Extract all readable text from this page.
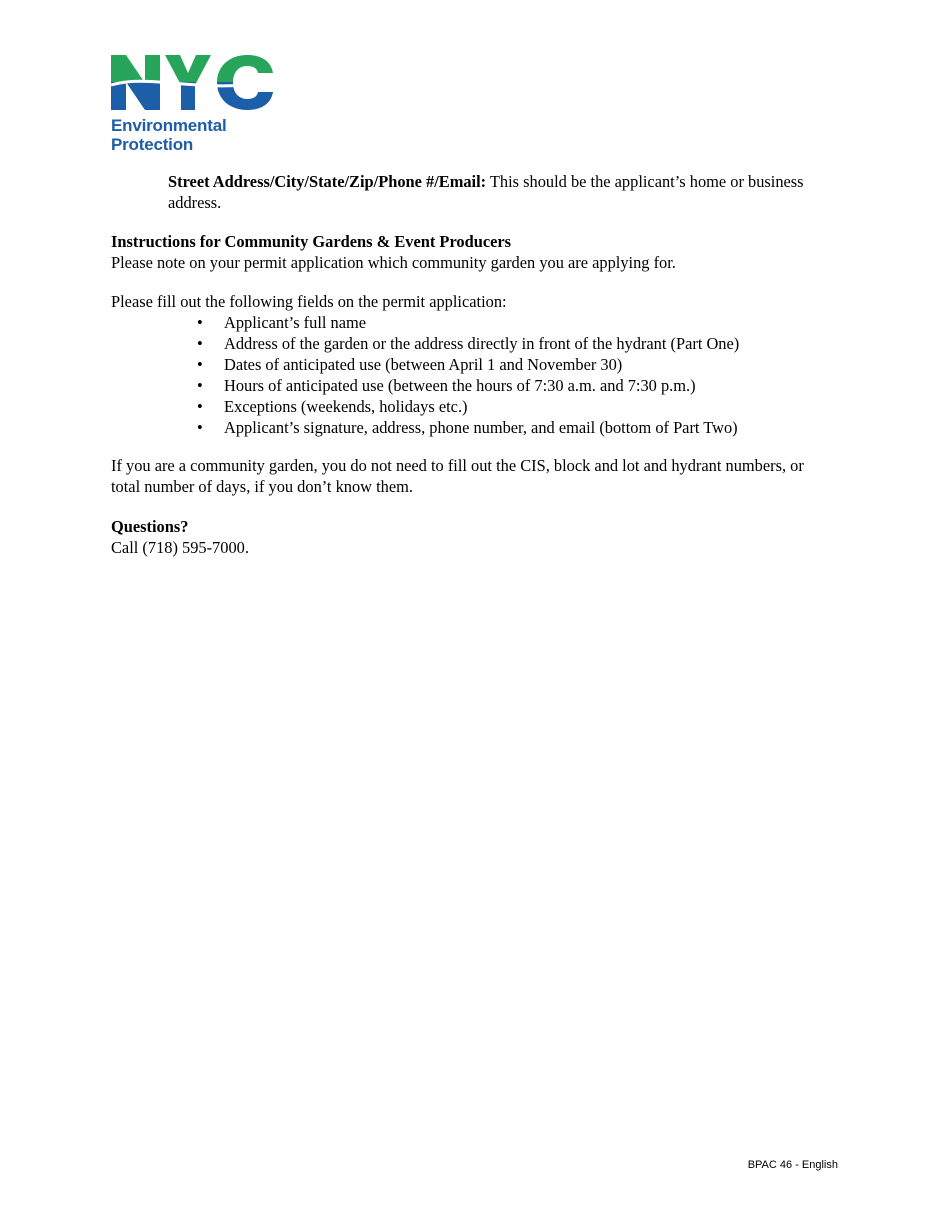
Environmental
Protection
Street Address/City/State/Zip/Phone #/Email: This should be the applicant’s home or business address.
Instructions for Community Gardens & Event Producers
Please note on your permit application which community garden you are applying for.
Please fill out the following fields on the permit application:
•	Applicant’s full name
•	Address of the garden or the address directly in front of the hydrant (Part One)
•	Dates of anticipated use (between April 1 and November 30)
•	Hours of anticipated use (between the hours of 7:30 a.m. and 7:30 p.m.)
•	Exceptions (weekends, holidays etc.)
•	Applicant’s signature, address, phone number, and email (bottom of Part Two)
If you are a community garden, you do not need to fill out the CIS, block and lot and hydrant numbers, or
total number of days, if you don’t know them.
Questions?
Call (718) 595-7000.
BPAC 46 - English
